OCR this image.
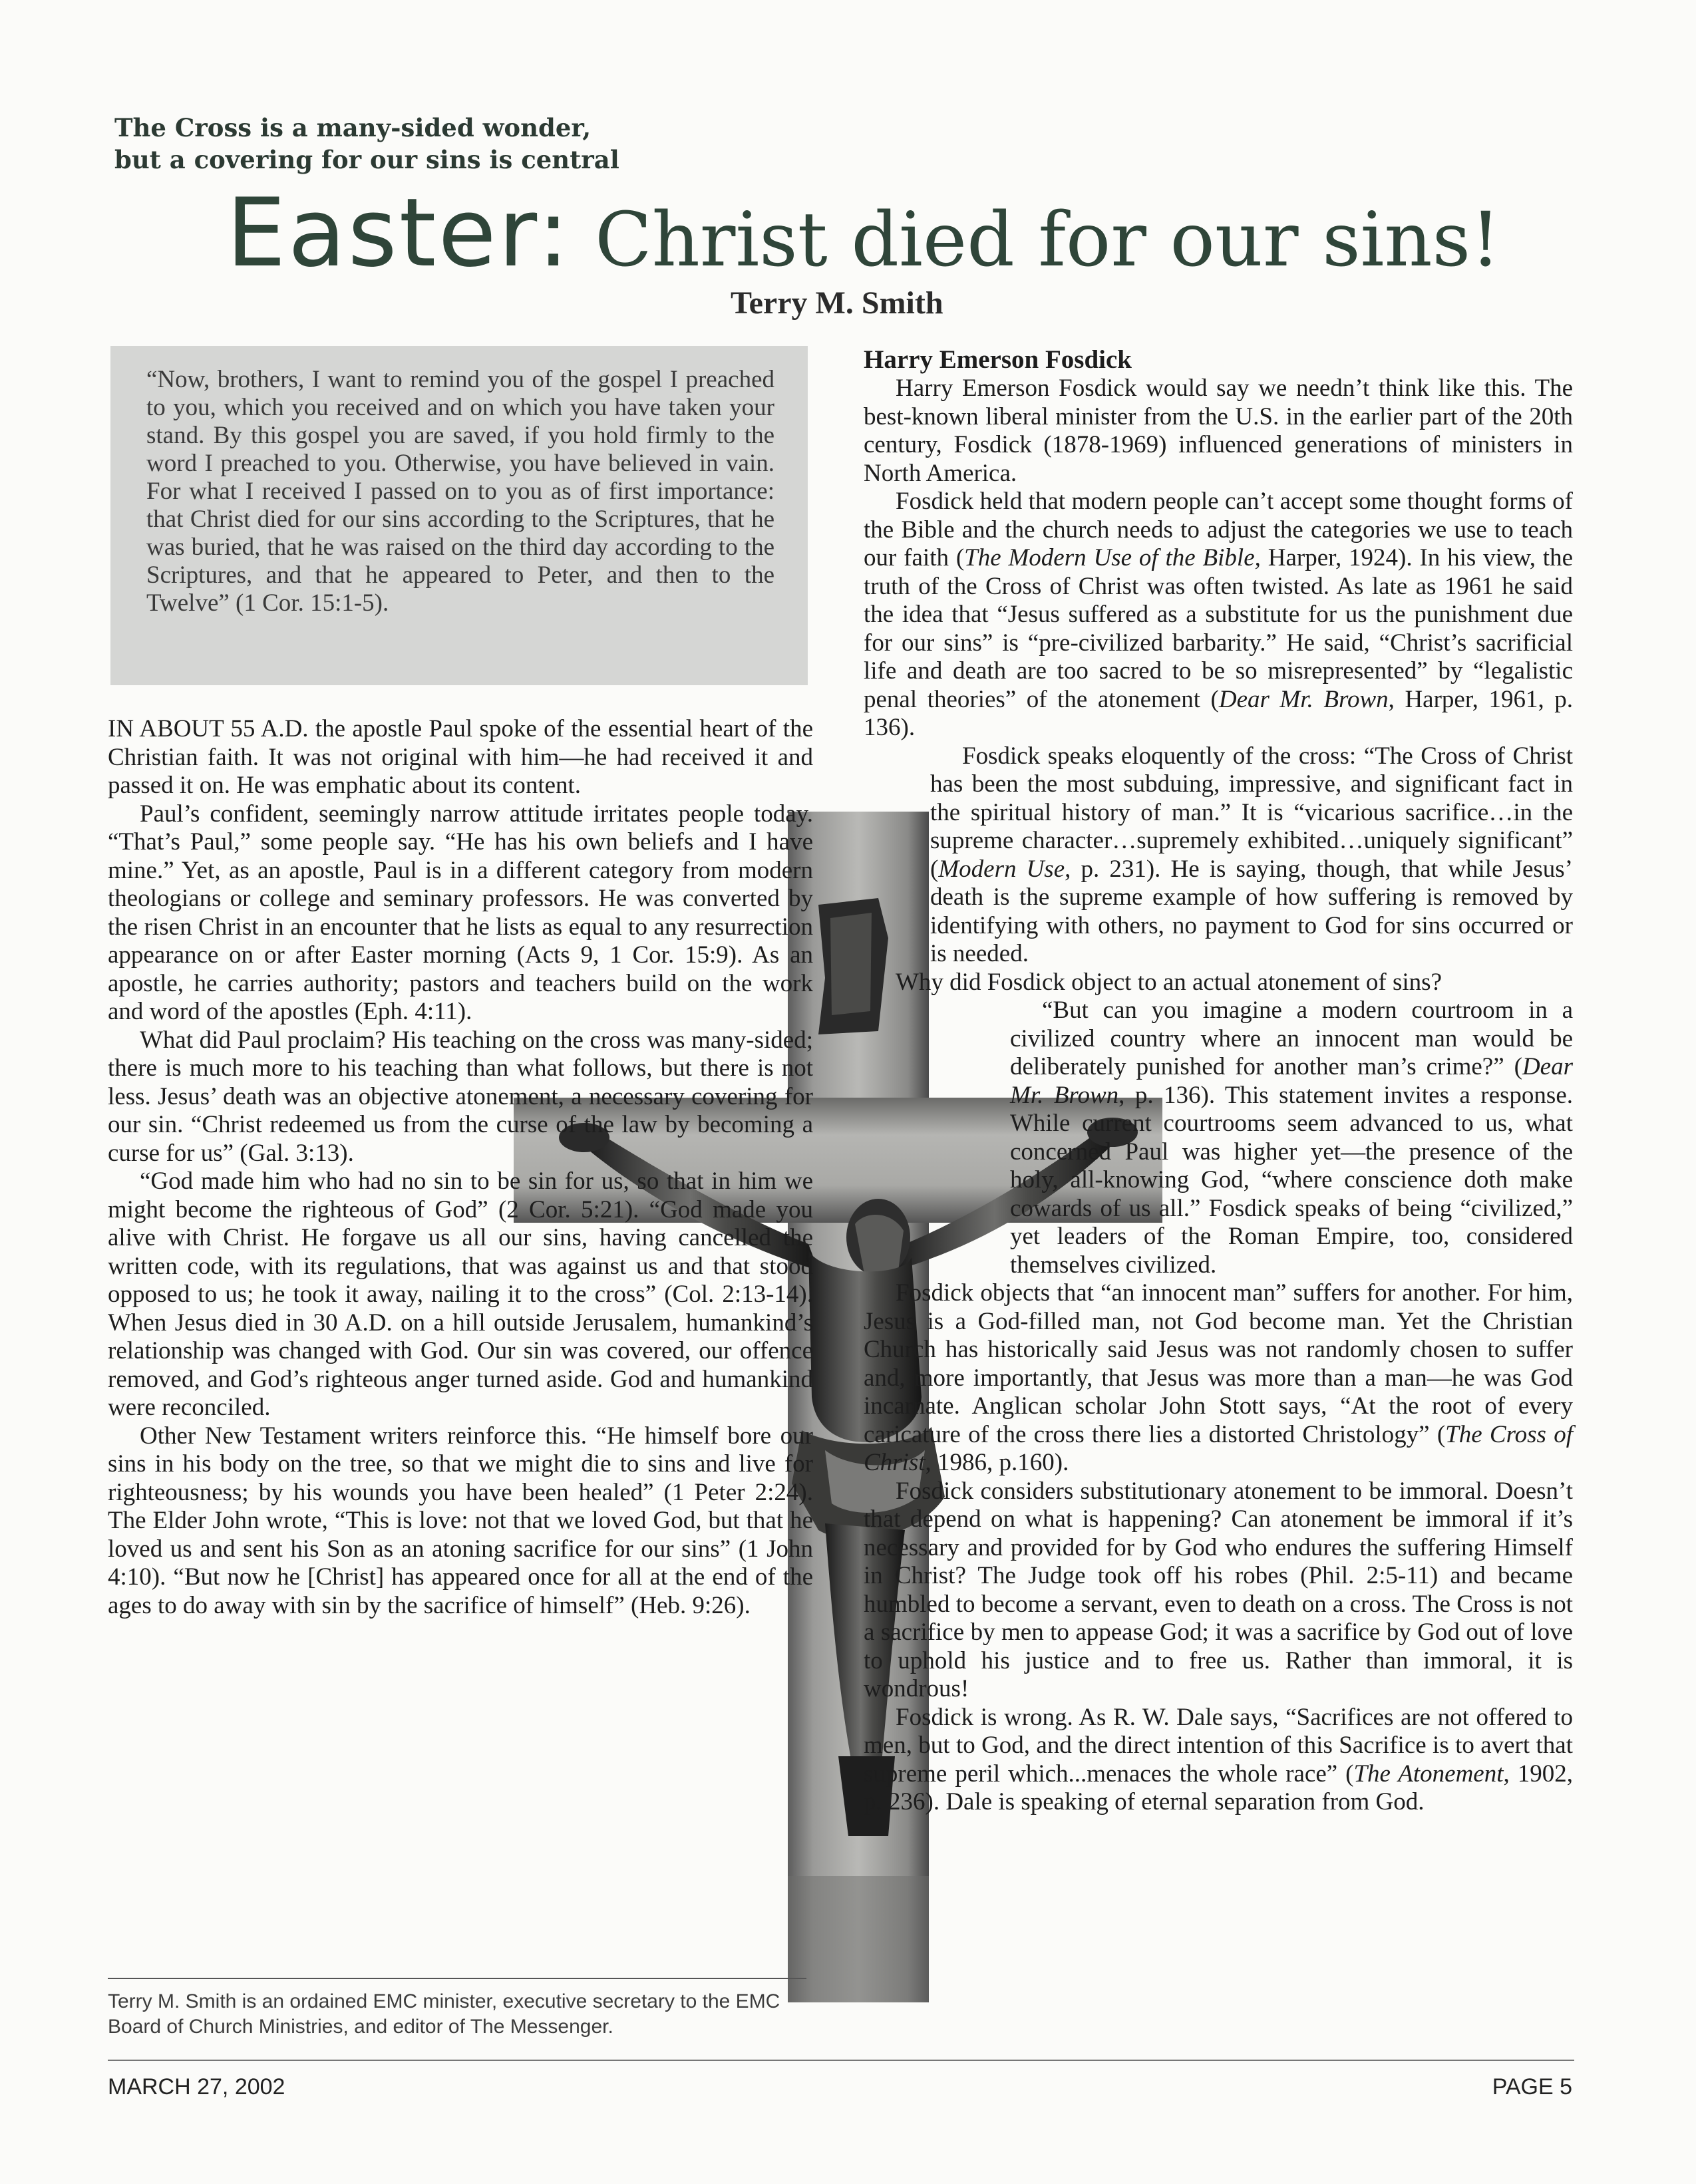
The Cross is a many-sided wonder,
but a covering for our sins is central
Easter: Christ died for our sins!
Terry M. Smith

“Now, brothers, I want to remind you of the gospel I preached to you, which you received and on which you have taken your stand. By this gospel you are saved, if you hold firmly to the word I preached to you. Otherwise, you have believed in vain. For what I received I passed on to you as of first importance: that Christ died for our sins according to the Scriptures, that he was buried, that he was raised on the third day according to the Scriptures, and that he appeared to Peter, and then to the Twelve” (1 Cor. 15:1-5).

IN ABOUT 55 A.D. the apostle Paul spoke of the essential heart of the Christian faith. It was not original with him—he had received it and passed it on. He was emphatic about its content.

Paul’s confident, seemingly narrow attitude irritates people today. “That’s Paul,” some people say. “He has his own beliefs and I have mine.” Yet, as an apostle, Paul is in a different category from modern theologians or college and seminary professors. He was converted by the risen Christ in an encounter that he lists as equal to any resurrection appearance on or after Easter morning (Acts 9, 1 Cor. 15:9). As an apostle, he carries authority; pastors and teachers build on the work and word of the apostles (Eph. 4:11).

What did Paul proclaim? His teaching on the cross was many-sided; there is much more to his teaching than what follows, but there is not less. Jesus’ death was an objective atonement, a necessary covering for our sin. “Christ redeemed us from the curse of the law by becoming a curse for us” (Gal. 3:13).

“God made him who had no sin to be sin for us, so that in him we might become the righteous of God” (2 Cor. 5:21). “God made you alive with Christ. He forgave us all our sins, having cancelled the written code, with its regulations, that was against us and that stood opposed to us; he took it away, nailing it to the cross” (Col. 2:13-14). When Jesus died in 30 A.D. on a hill outside Jerusalem, humankind’s relationship was changed with God. Our sin was covered, our offence removed, and God’s righteous anger turned aside. God and humankind were reconciled.

Other New Testament writers reinforce this. “He himself bore our sins in his body on the tree, so that we might die to sins and live for righteousness; by his wounds you have been healed” (1 Peter 2:24). The Elder John wrote, “This is love: not that we loved God, but that he loved us and sent his Son as an atoning sacrifice for our sins” (1 John 4:10). “But now he [Christ] has appeared once for all at the end of the ages to do away with sin by the sacrifice of himself” (Heb. 9:26).

Harry Emerson Fosdick

Harry Emerson Fosdick would say we needn’t think like this. The best-known liberal minister from the U.S. in the earlier part of the 20th century, Fosdick (1878-1969) influenced generations of ministers in North America.

Fosdick held that modern people can’t accept some thought forms of the Bible and the church needs to adjust the categories we use to teach our faith (The Modern Use of the Bible, Harper, 1924). In his view, the truth of the Cross of Christ was often twisted. As late as 1961 he said the idea that “Jesus suffered as a substitute for us the punishment due for our sins” is “pre-civilized barbarity.” He said, “Christ’s sacrificial life and death are too sacred to be so misrepresented” by “legalistic penal theories” of the atonement (Dear Mr. Brown, Harper, 1961, p. 136).

Fosdick speaks eloquently of the cross: “The Cross of Christ has been the most subduing, impressive, and significant fact in the spiritual history of man.” It is “vicarious sacrifice…in the supreme character…supremely exhibited…uniquely significant” (Modern Use, p. 231). He is saying, though, that while Jesus’ death is the supreme example of how suffering is removed by identifying with others, no payment to God for sins occurred or is needed.

Why did Fosdick object to an actual atonement of sins?

“But can you imagine a modern courtroom in a civilized country where an innocent man would be deliberately punished for another man’s crime?” (Dear Mr. Brown, p. 136). This statement invites a response. While current courtrooms seem advanced to us, what concerned Paul was higher yet—the presence of the holy, all-knowing God, “where conscience doth make cowards of us all.” Fosdick speaks of being “civilized,” yet leaders of the Roman Empire, too, considered themselves civilized.

Fosdick objects that “an innocent man” suffers for another. For him, Jesus is a God-filled man, not God become man. Yet the Christian Church has historically said Jesus was not randomly chosen to suffer and, more importantly, that Jesus was more than a man—he was God incarnate. Anglican scholar John Stott says, “At the root of every caricature of the cross there lies a distorted Christology” (The Cross of Christ, 1986, p.160).

Fosdick considers substitutionary atonement to be immoral. Doesn’t that depend on what is happening? Can atonement be immoral if it’s necessary and provided for by God who endures the suffering Himself in Christ? The Judge took off his robes (Phil. 2:5-11) and became humbled to become a servant, even to death on a cross. The Cross is not a sacrifice by men to appease God; it was a sacrifice by God out of love to uphold his justice and to free us. Rather than immoral, it is wondrous!

Fosdick is wrong. As R. W. Dale says, “Sacrifices are not offered to men, but to God, and the direct intention of this Sacrifice is to avert that supreme peril which...menaces the whole race” (The Atonement, 1902, p. 236). Dale is speaking of eternal separation from God.

Terry M. Smith is an ordained EMC minister, executive secretary to the EMC Board of Church Ministries, and editor of The Messenger.
MARCH 27, 2002	PAGE 5
